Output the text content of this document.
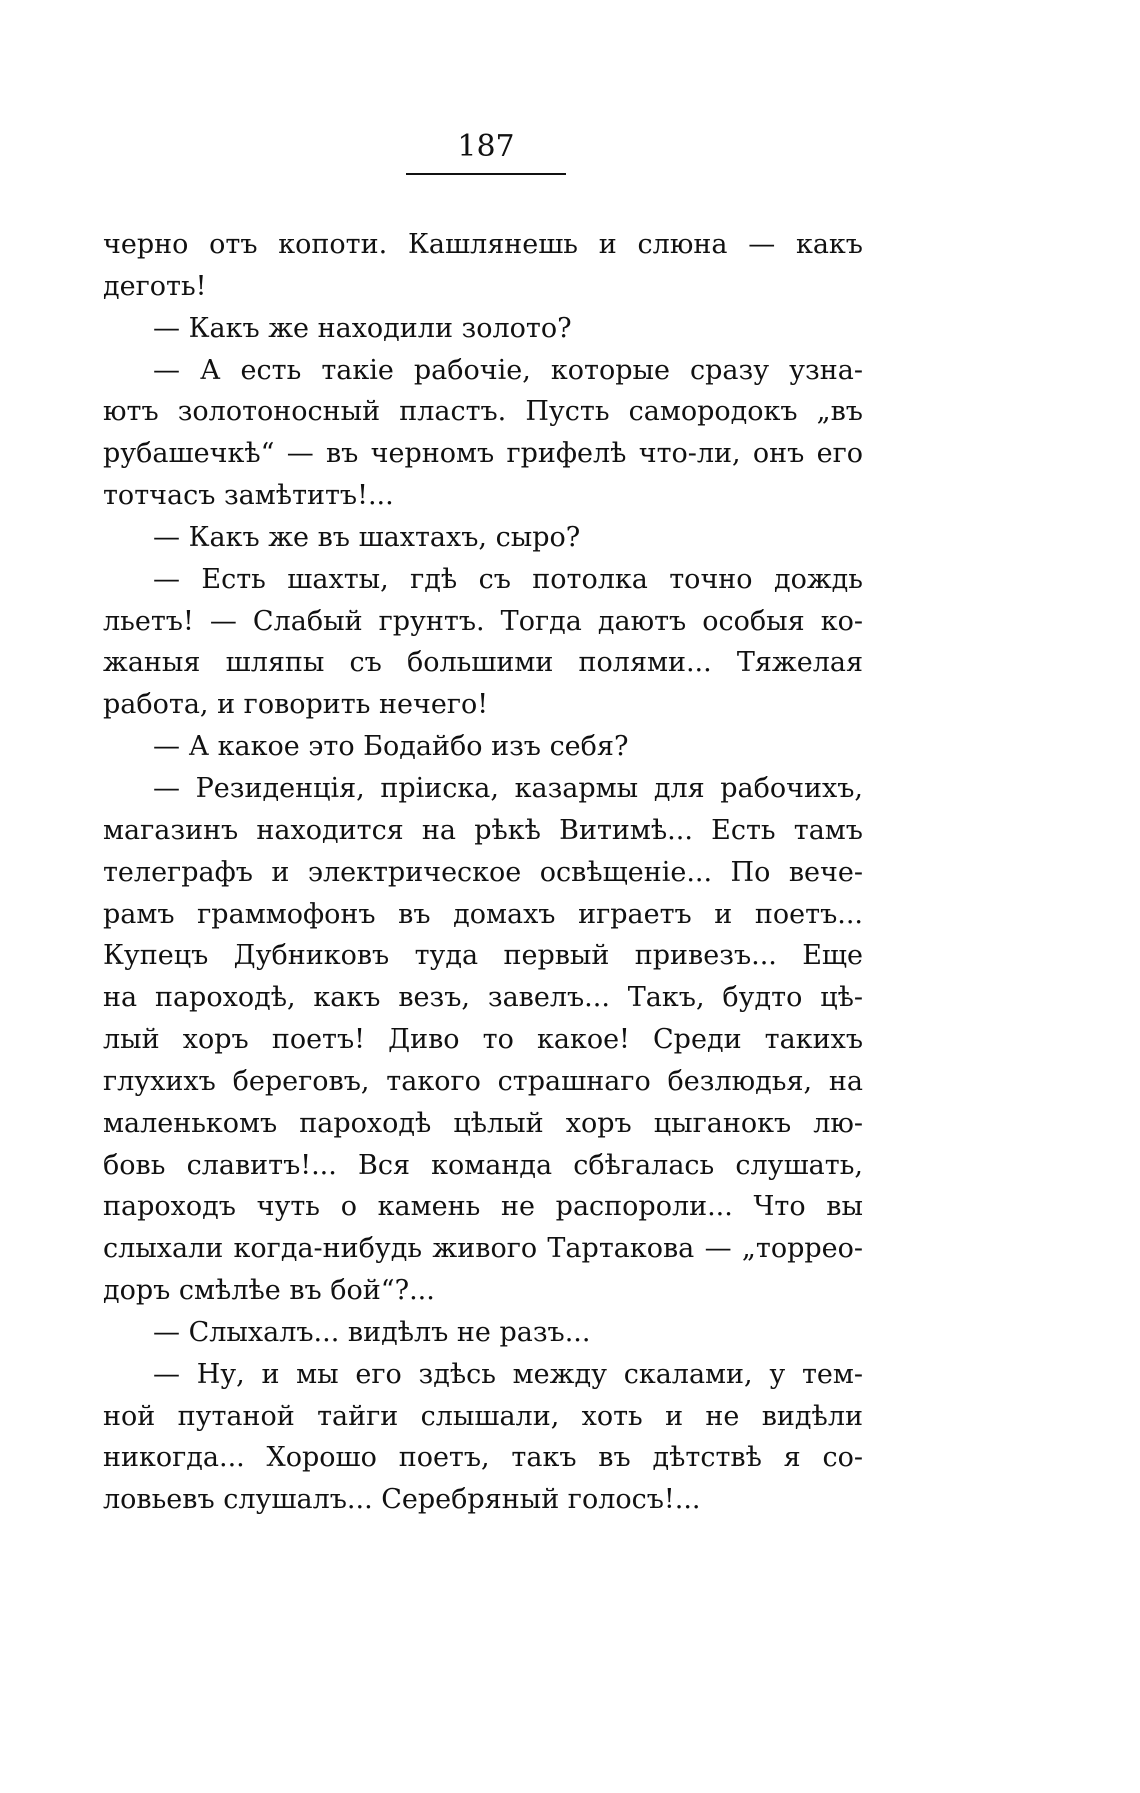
187
черно отъ копоти. Кашлянешь и слюна — какъ
деготь!
— Какъ же находили золото?
— А есть такіе рабочіе, которые сразу узна-
ютъ золотоносный пластъ. Пусть самородокъ „въ
рубашечкѣ“ — въ черномъ грифелѣ что-ли, онъ его
тотчасъ замѣтитъ!...
— Какъ же въ шахтахъ, сыро?
— Есть шахты, гдѣ съ потолка точно дождь
льетъ! — Слабый грунтъ. Тогда даютъ особыя ко-
жаныя шляпы съ большими полями... Тяжелая
работа, и говорить нечего!
— А какое это Бодайбо изъ себя?
— Резиденція, пріиска, казармы для рабочихъ,
магазинъ находится на рѣкѣ Витимѣ... Есть тамъ
телеграфъ и электрическое освѣщеніе... По вече-
рамъ граммофонъ въ домахъ играетъ и поетъ...
Купецъ Дубниковъ туда первый привезъ... Еще
на пароходѣ, какъ везъ, завелъ... Такъ, будто цѣ-
лый хоръ поетъ! Диво то какое! Среди такихъ
глухихъ береговъ, такого страшнаго безлюдья, на
маленькомъ пароходѣ цѣлый хоръ цыганокъ лю-
бовь славитъ!... Вся команда сбѣгалась слушать,
пароходъ чуть о камень не распороли... Что вы
слыхали когда-нибудь живого Тартакова — „торрео-
доръ смѣлѣе въ бой“?...
— Слыхалъ... видѣлъ не разъ...
— Ну, и мы его здѣсь между скалами, у тем-
ной путаной тайги слышали, хоть и не видѣли
никогда... Хорошо поетъ, такъ въ дѣтствѣ я со-
ловьевъ слушалъ... Серебряный голосъ!...
